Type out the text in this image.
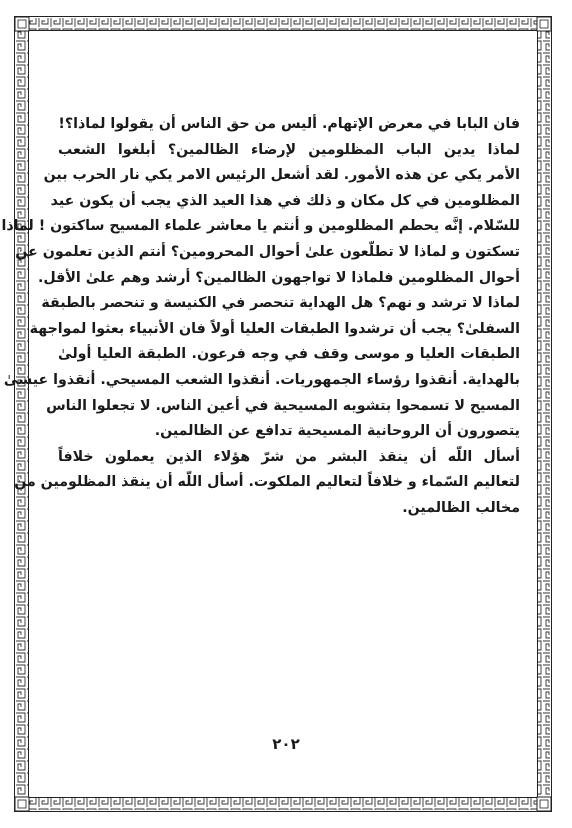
فان البابا في معرض الإتهام. أليس من حق الناس أن يقولوا لماذا؟!

لماذا يدين الباب المظلومين لإرضاء الظالمين؟ أبلغوا الشعب
الأمر يكي عن هذه الأمور. لقد أشعل الرئيس الامر يكي نار الحرب بين
المظلومين في كل مكان و ذلك في هذا العيد الذي يجب أن يكون عيد
للسّلام. إنَّه يحطم المظلومين و أنتم يا معاشر علماء المسيح ساكتون ! لماذا
تسكتون و لماذا لا تطلّعون علىٰ أحوال المحرومين؟ أنتم الذين تعلمون عن
أحوال المظلومين فلماذا لا تواجهون الظالمين؟ أرشد وهم علىٰ الأقل.
لماذا لا ترشد و نهم؟ هل الهداية تنحصر في الكنيسة و تنحصر بالطبقة
السفلىٰ؟ يجب أن ترشدوا الطبقات العليا أولاً فان الأنبياء بعثوا لمواجهة
الطبقات العليا و موسى وقف في وجه فرعون. الطبقة العليا أولىٰ
بالهداية. أنقذوا رؤساء الجمهوريات. أنقذوا الشعب المسيحي. أنقذوا عيسىٰ
المسيح لا تسمحوا بتشويه المسيحية في أعين الناس. لا تجعلوا الناس
يتصورون أن الروحانية المسيحية تدافع عن الظالمين.

أسأل اللّه أن ينقذ البشر من شرّ هؤلاء الذين يعملون خلافاً
لتعاليم السّماء و خلافاً لتعاليم الملكوت. أسأل اللّه أن ينقذ المظلومين من
مخالب الظالمين.

٢٠٢
